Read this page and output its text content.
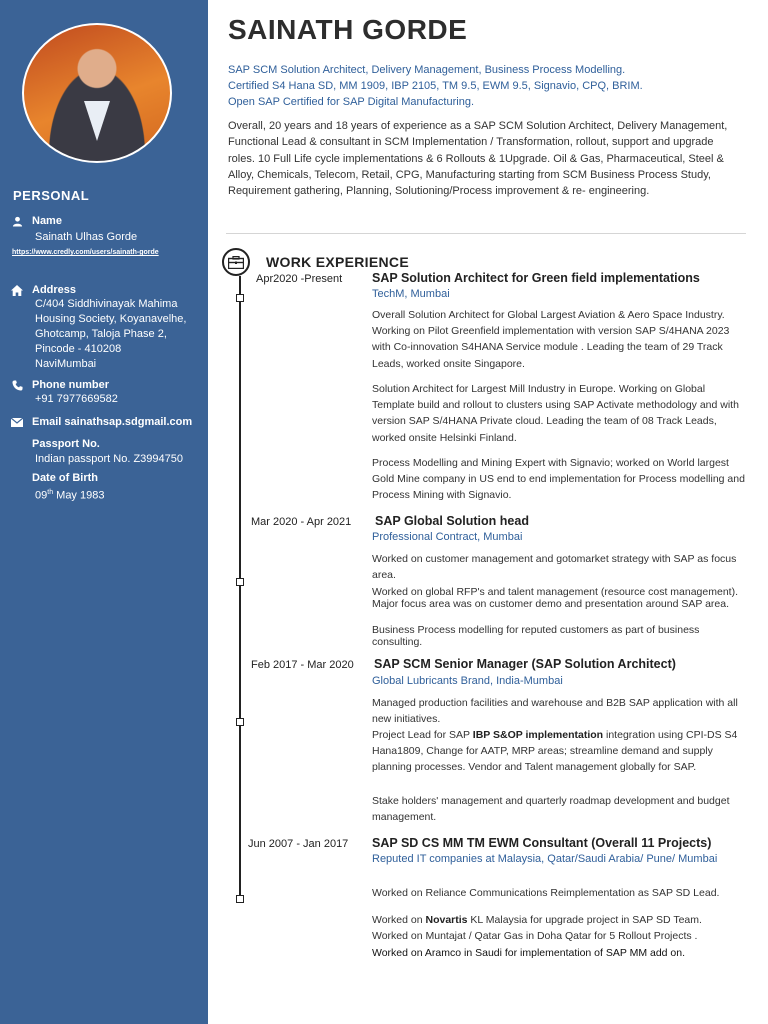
PERSONAL
Name
Sainath Ulhas Gorde
https://www.credly.com/users/sainath-gorde
Address
C/404 Siddhivinayak Mahima
Housing Society, Koyanavelhe,
Ghotcamp, Taloja Phase 2,
Pincode - 410208
NaviMumbai
Phone number
+91 7977669582
Email sainathsap.sdgmail.com
Passport No.
Indian passport No. Z3994750
Date of Birth
09th May 1983
SAINATH GORDE
SAP SCM Solution Architect, Delivery Management, Business Process Modelling.
Certified S4 Hana SD, MM 1909, IBP 2105, TM 9.5, EWM 9.5, Signavio, CPQ, BRIM.
Open SAP Certified for SAP Digital Manufacturing.
Overall, 20 years and 18 years of experience as a SAP SCM Solution Architect, Delivery Management, Functional Lead & consultant in SCM Implementation / Transformation, rollout, support and upgrade roles. 10 Full Life cycle implementations & 6 Rollouts & 1Upgrade. Oil & Gas, Pharmaceutical, Steel & Alloy, Chemicals, Telecom, Retail, CPG, Manufacturing starting from SCM Business Process Study, Requirement gathering, Planning, Solutioning/Process improvement & re- engineering.
WORK EXPERIENCE
Apr2020 -Present SAP Solution Architect for Green field implementations
TechM, Mumbai
Overall Solution Architect for Global Largest Aviation & Aero Space Industry. Working on Pilot Greenfield implementation with version SAP S/4HANA 2023 with Co-innovation S4HANA Service module . Leading the team of 29 Track Leads, worked onsite Singapore.
Solution Architect for Largest Mill Industry in Europe. Working on Global Template build and rollout to clusters using SAP Activate methodology and with version SAP S/4HANA Private cloud. Leading the team of 08 Track Leads, worked onsite Helsinki Finland.
Process Modelling and Mining Expert with Signavio; worked on World largest Gold Mine company in US end to end implementation for Process modelling and Process Mining with Signavio.
Mar 2020 - Apr 2021 SAP Global Solution head
Professional Contract, Mumbai
Worked on customer management and gotomarket strategy with SAP as focus area.
Worked on global RFP's and talent management (resource cost management). Major focus area was on customer demo and presentation around SAP area.
Business Process modelling for reputed customers as part of business consulting.
Feb 2017 - Mar 2020 SAP SCM Senior Manager (SAP Solution Architect)
Global Lubricants Brand, India-Mumbai
Managed production facilities and warehouse and B2B SAP application with all new initiatives.
Project Lead for SAP IBP S&OP implementation integration using CPI-DS S4 Hana1809, Change for AATP, MRP areas; streamline demand and supply planning processes. Vendor and Talent management globally for SAP.
Stake holders' management and quarterly roadmap development and budget management.
Jun 2007 - Jan 2017 SAP SD CS MM TM EWM Consultant (Overall 11 Projects)
Reputed IT companies at Malaysia, Qatar/Saudi Arabia/ Pune/ Mumbai
Worked on Reliance Communications Reimplementation as SAP SD Lead.
Worked on Novartis KL Malaysia for upgrade project in SAP SD Team.
Worked on Muntajat / Qatar Gas in Doha Qatar for 5 Rollout Projects .
Worked on Aramco in Saudi for implementation of SAP MM add on.
